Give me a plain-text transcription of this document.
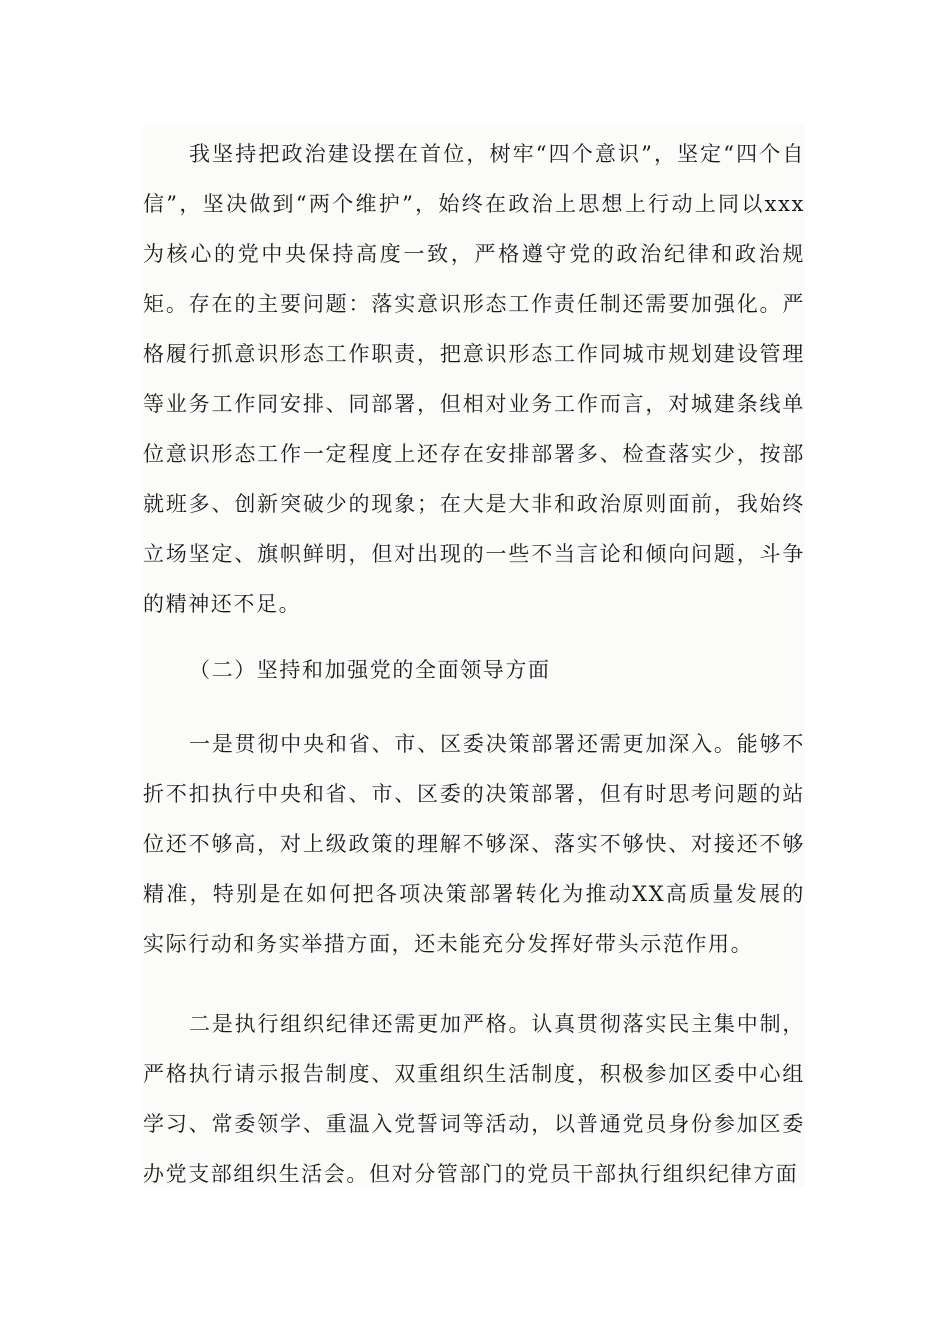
我坚持把政治建设摆在首位，树牢“四个意识”，坚定“四个自信”，坚决做到“两个维护”，始终在政治上思想上行动上同以xxx为核心的党中央保持高度一致，严格遵守党的政治纪律和政治规矩。存在的主要问题：落实意识形态工作责任制还需要加强化。严格履行抓意识形态工作职责，把意识形态工作同城市规划建设管理等业务工作同安排、同部署，但相对业务工作而言，对城建条线单位意识形态工作一定程度上还存在安排部署多、检查落实少，按部就班多、创新突破少的现象；在大是大非和政治原则面前，我始终立场坚定、旗帜鲜明，但对出现的一些不当言论和倾向问题，斗争的精神还不足。

（二）坚持和加强党的全面领导方面

一是贯彻中央和省、市、区委决策部署还需更加深入。能够不折不扣执行中央和省、市、区委的决策部署，但有时思考问题的站位还不够高，对上级政策的理解不够深、落实不够快、对接还不够精准，特别是在如何把各项决策部署转化为推动XX高质量发展的实际行动和务实举措方面，还未能充分发挥好带头示范作用。

二是执行组织纪律还需更加严格。认真贯彻落实民主集中制，严格执行请示报告制度、双重组织生活制度，积极参加区委中心组学习、常委领学、重温入党誓词等活动，以普通党员身份参加区委办党支部组织生活会。但对分管部门的党员干部执行组织纪律方面
